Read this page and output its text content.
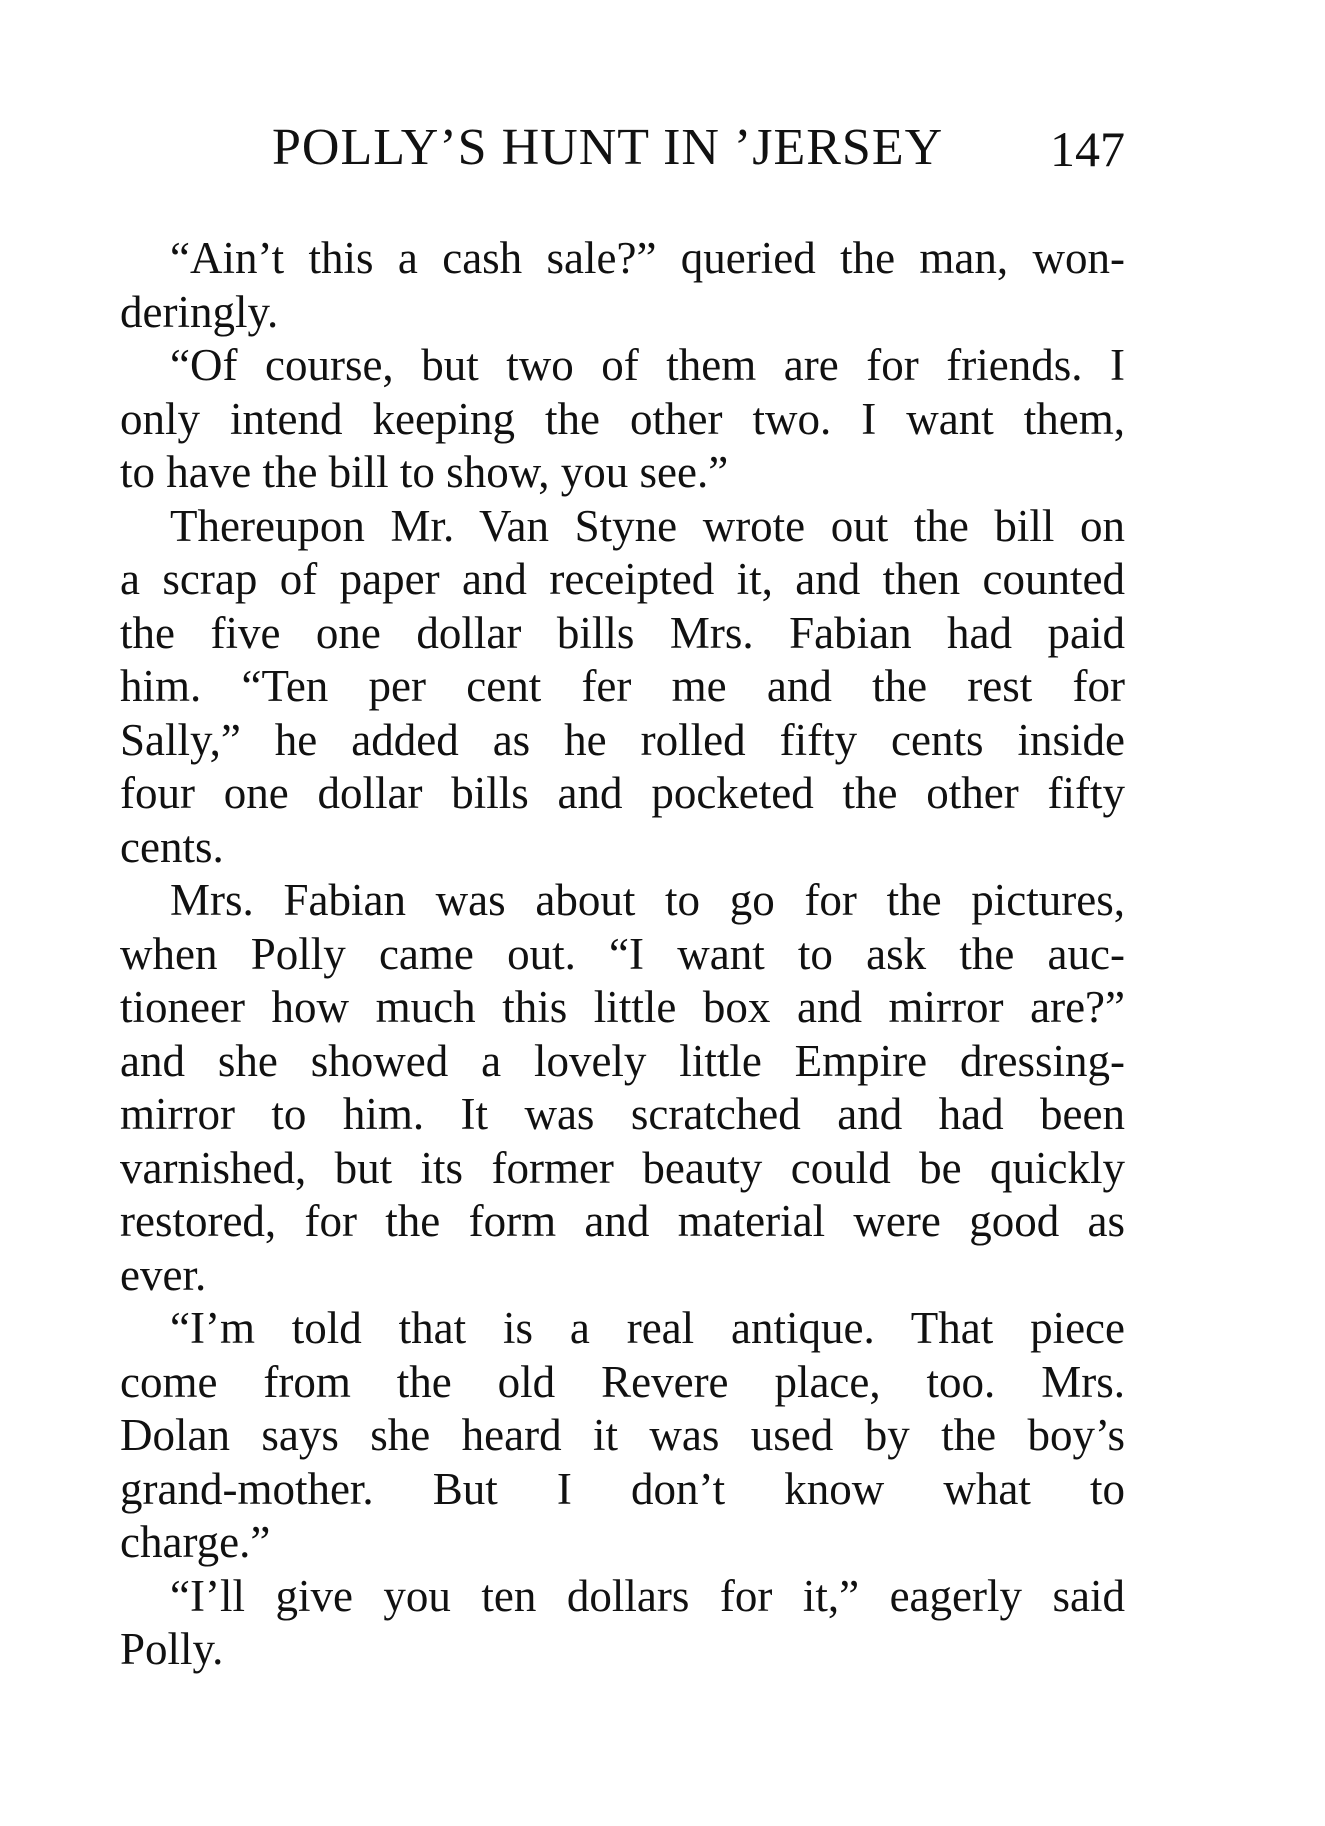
POLLY’S HUNT IN ’JERSEY 147
“Ain’t this a cash sale?” queried the man, won-
deringly.
“Of course, but two of them are for friends. I
only intend keeping the other two. I want them,
to have the bill to show, you see.”
Thereupon Mr. Van Styne wrote out the bill on
a scrap of paper and receipted it, and then counted
the five one dollar bills Mrs. Fabian had paid
him. “Ten per cent fer me and the rest for
Sally,” he added as he rolled fifty cents inside
four one dollar bills and pocketed the other fifty
cents.
Mrs. Fabian was about to go for the pictures,
when Polly came out. “I want to ask the auc-
tioneer how much this little box and mirror are?”
and she showed a lovely little Empire dressing-
mirror to him. It was scratched and had been
varnished, but its former beauty could be quickly
restored, for the form and material were good as
ever.
“I’m told that is a real antique. That piece
come from the old Revere place, too. Mrs.
Dolan says she heard it was used by the boy’s
grand-mother. But I don’t know what to
charge.”
“I’ll give you ten dollars for it,” eagerly said
Polly.
